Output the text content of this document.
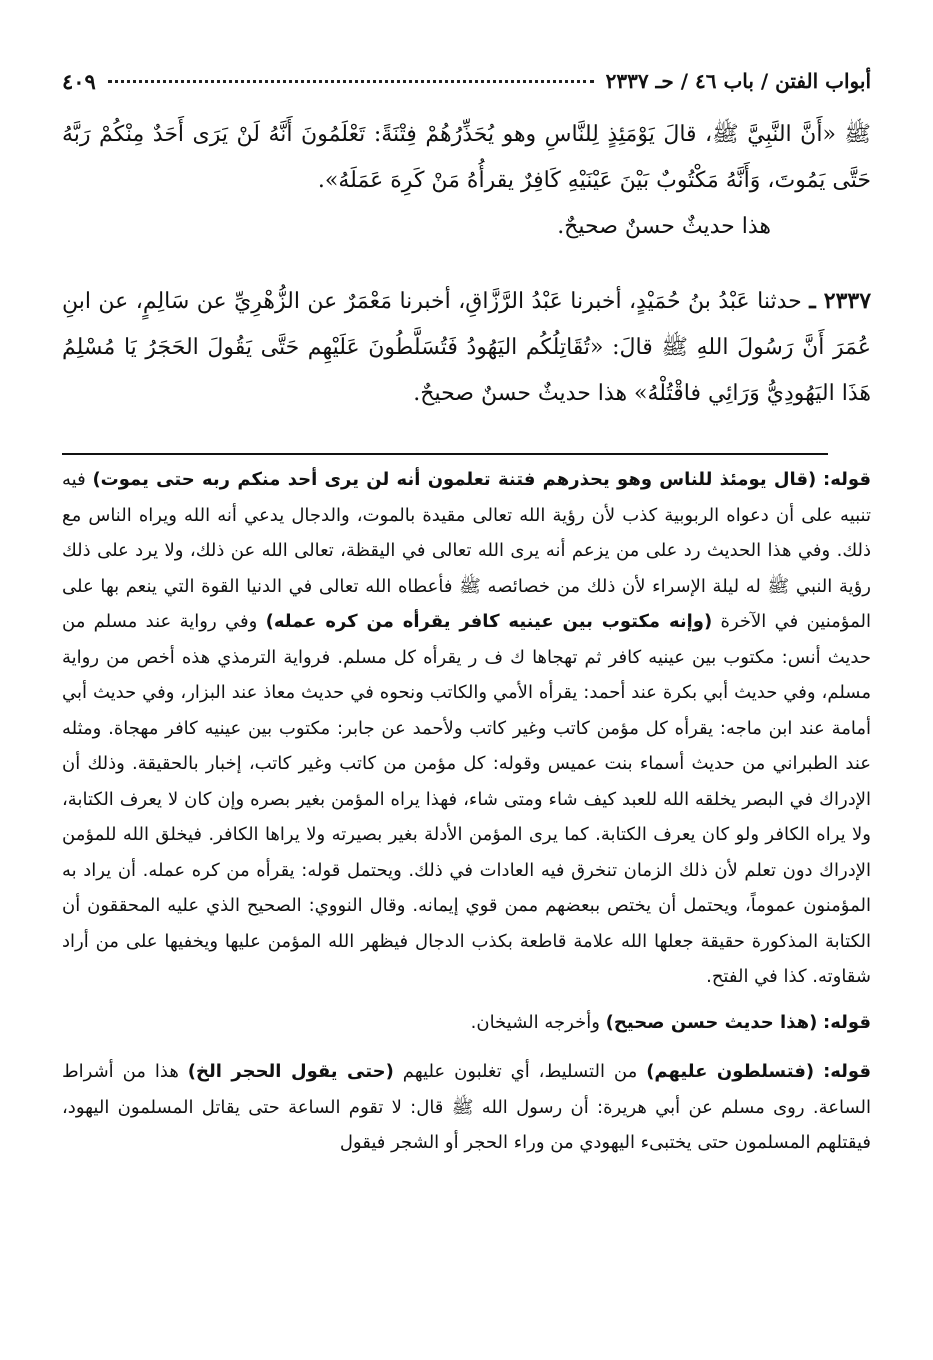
أبواب الفتن / باب ٤٦ / حـ ٢٣٣٧
٤٠٩

ﷺ «أَنَّ النَّبِيَّ ﷺ، قالَ يَوْمَئِذٍ لِلنَّاسِ وهو يُحَذِّرُهُمْ فِتْنَةً: تَعْلَمُونَ أَنَّهُ لَنْ يَرَى أَحَدٌ مِنْكُمْ رَبَّهُ حَتَّى يَمُوتَ، وَأَنَّهُ مَكْتُوبٌ بَيْنَ عَيْنَيْهِ كَافِرٌ يقرأُهُ مَنْ كَرِهَ عَمَلَهُ».

هذا حديثٌ حسنٌ صحيحٌ.

٢٣٣٧ ـ حدثنا عَبْدُ بنُ حُمَيْدٍ، أخبرنا عَبْدُ الرَّزَّاقِ، أخبرنا مَعْمَرٌ عن الزُّهْرِيِّ عن سَالِمٍ، عن ابنِ عُمَرَ أَنَّ رَسُولَ اللهِ ﷺ قالَ: «تُقَاتِلُكُم اليَهُودُ فَتُسَلَّطُونَ عَلَيْهِم حَتَّى يَقُولَ الحَجَرُ يَا مُسْلِمُ هَذَا اليَهُودِيُّ وَرَائِي فاقْتُلْهُ» هذا حديثٌ حسنٌ صحيحٌ.

قوله: (قال يومئذ للناس وهو يحذرهم فتنة تعلمون أنه لن يرى أحد منكم ربه حتى يموت) فيه تنبيه على أن دعواه الربوبية كذب لأن رؤية الله تعالى مقيدة بالموت، والدجال يدعي أنه الله ويراه الناس مع ذلك. وفي هذا الحديث رد على من يزعم أنه يرى الله تعالى في اليقظة، تعالى الله عن ذلك، ولا يرد على ذلك رؤية النبي ﷺ له ليلة الإسراء لأن ذلك من خصائصه ﷺ فأعطاه الله تعالى في الدنيا القوة التي ينعم بها على المؤمنين في الآخرة (وإنه مكتوب بين عينيه كافر يقرأه من كره عمله) وفي رواية عند مسلم من حديث أنس: مكتوب بين عينيه كافر ثم تهجاها ك ف ر يقرأه كل مسلم. فرواية الترمذي هذه أخص من رواية مسلم، وفي حديث أبي بكرة عند أحمد: يقرأه الأمي والكاتب ونحوه في حديث معاذ عند البزار، وفي حديث أبي أمامة عند ابن ماجه: يقرأه كل مؤمن كاتب وغير كاتب ولأحمد عن جابر: مكتوب بين عينيه كافر مهجاة. ومثله عند الطبراني من حديث أسماء بنت عميس وقوله: كل مؤمن من كاتب وغير كاتب، إخبار بالحقيقة. وذلك أن الإدراك في البصر يخلقه الله للعبد كيف شاء ومتى شاء، فهذا يراه المؤمن بغير بصره وإن كان لا يعرف الكتابة، ولا يراه الكافر ولو كان يعرف الكتابة. كما يرى المؤمن الأدلة بغير بصيرته ولا يراها الكافر. فيخلق الله للمؤمن الإدراك دون تعلم لأن ذلك الزمان تنخرق فيه العادات في ذلك. ويحتمل قوله: يقرأه من كره عمله. أن يراد به المؤمنون عموماً، ويحتمل أن يختص ببعضهم ممن قوي إيمانه. وقال النووي: الصحيح الذي عليه المحققون أن الكتابة المذكورة حقيقة جعلها الله علامة قاطعة بكذب الدجال فيظهر الله المؤمن عليها ويخفيها على من أراد شقاوته. كذا في الفتح.

قوله: (هذا حديث حسن صحيح) وأخرجه الشيخان.

قوله: (فتسلطون عليهم) من التسليط، أي تغلبون عليهم (حتى يقول الحجر الخ) هذا من أشراط الساعة. روى مسلم عن أبي هريرة: أن رسول الله ﷺ قال: لا تقوم الساعة حتى يقاتل المسلمون اليهود، فيقتلهم المسلمون حتى يختبىء اليهودي من وراء الحجر أو الشجر فيقول
